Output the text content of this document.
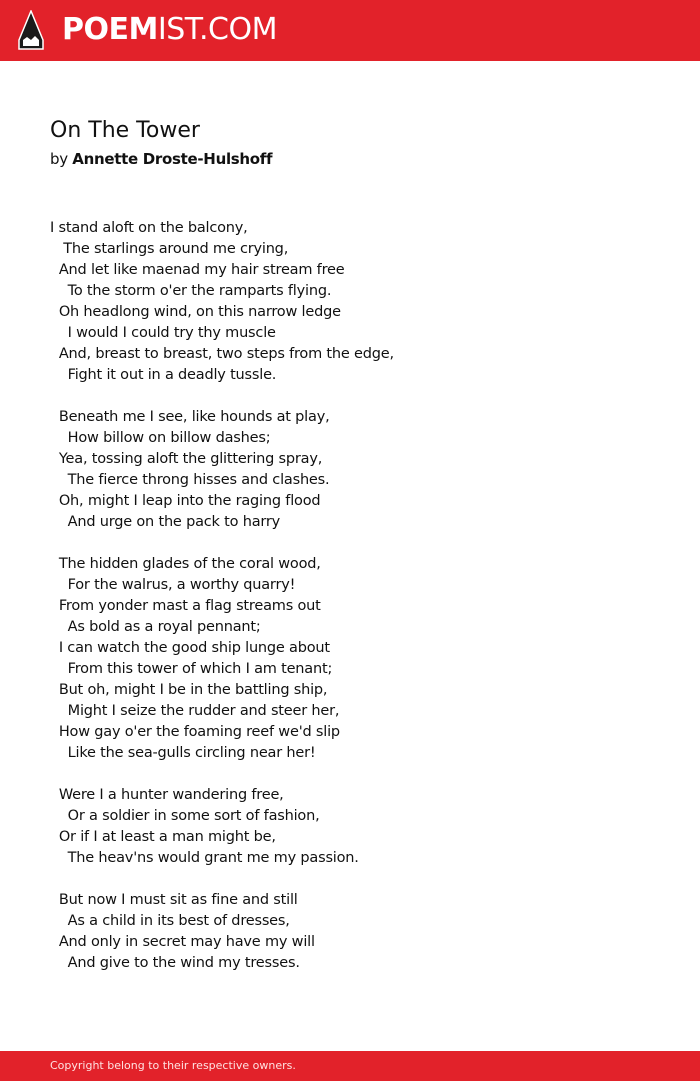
POEMIST.COM
On The Tower
by Annette Droste-Hulshoff
I stand aloft on the balcony,
The starlings around me crying,
And let like maenad my hair stream free
To the storm o'er the ramparts flying.
Oh headlong wind, on this narrow ledge
I would I could try thy muscle
And, breast to breast, two steps from the edge,
Fight it out in a deadly tussle.
Beneath me I see, like hounds at play,
How billow on billow dashes;
Yea, tossing aloft the glittering spray,
The fierce throng hisses and clashes.
Oh, might I leap into the raging flood
And urge on the pack to harry
The hidden glades of the coral wood,
For the walrus, a worthy quarry!
From yonder mast a flag streams out
As bold as a royal pennant;
I can watch the good ship lunge about
From this tower of which I am tenant;
But oh, might I be in the battling ship,
Might I seize the rudder and steer her,
How gay o'er the foaming reef we'd slip
Like the sea-gulls circling near her!
Were I a hunter wandering free,
Or a soldier in some sort of fashion,
Or if I at least a man might be,
The heav'ns would grant me my passion.
But now I must sit as fine and still
As a child in its best of dresses,
And only in secret may have my will
And give to the wind my tresses.
Copyright belong to their respective owners.
